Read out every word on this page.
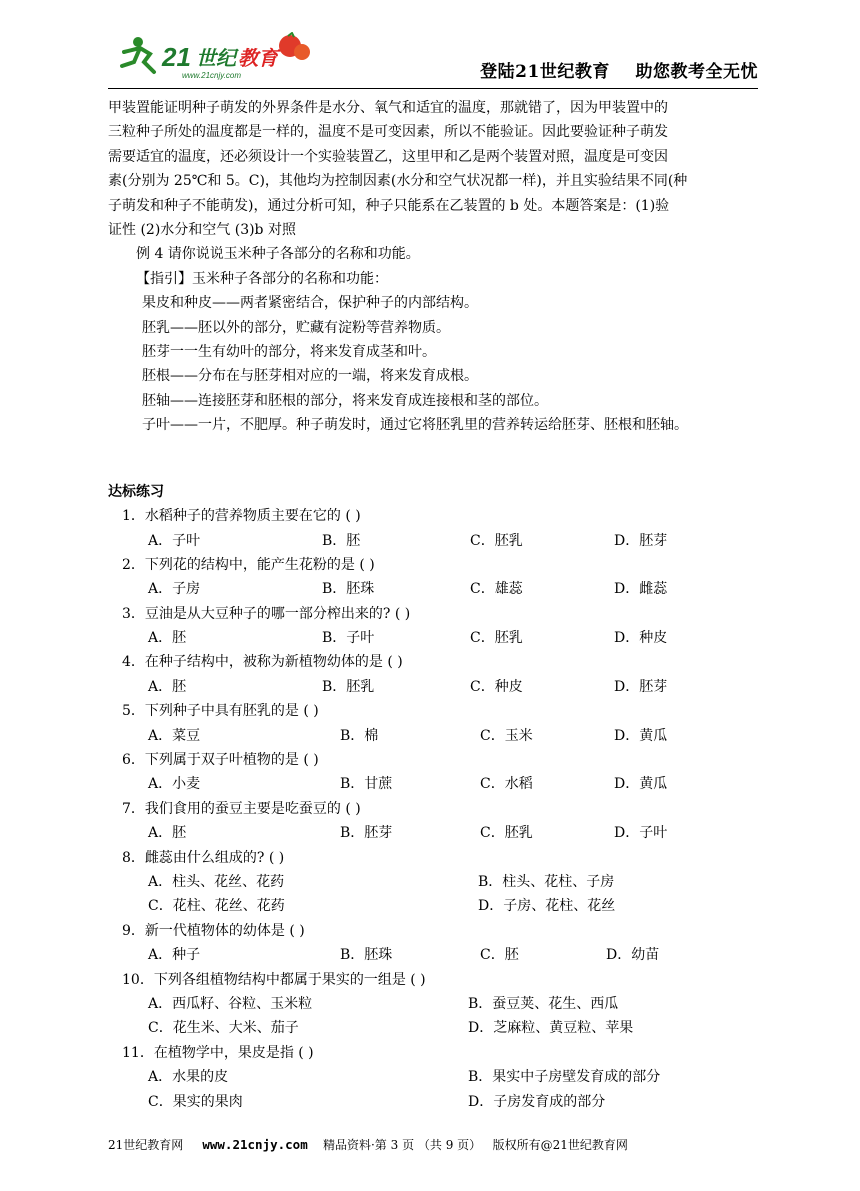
21 世纪 教育
www.21cnjy.com	登陆21世纪教育    助您教考全无忧

甲装置能证明种子萌发的外界条件是水分、氧气和适宜的温度，那就错了，因为甲装置中的

三粒种子所处的温度都是一样的，温度不是可变因素，所以不能验证。因此要验证种子萌发

需要适宜的温度，还必须设计一个实验装置乙，这里甲和乙是两个装置对照，温度是可变因

素(分别为 25℃和 5。C)，其他均为控制因素(水分和空气状况都一样)，并且实验结果不同(种

子萌发和种子不能萌发)，通过分析可知，种子只能系在乙装置的 b 处。本题答案是：(1)验

证性 (2)水分和空气 (3)b 对照

例 4 请你说说玉米种子各部分的名称和功能。

【指引】玉米种子各部分的名称和功能：

果皮和种皮——两者紧密结合，保护种子的内部结构。

胚乳——胚以外的部分，贮藏有淀粉等营养物质。

胚芽一一生有幼叶的部分，将来发育成茎和叶。

胚根——分布在与胚芽相对应的一端，将来发育成根。

胚轴——连接胚芽和胚根的部分，将来发育成连接根和茎的部位。

子叶——一片，不肥厚。种子萌发时，通过它将胚乳里的营养转运给胚芽、胚根和胚轴。

达标练习

1．水稻种子的营养物质主要在它的 ( )

A．子叶	B．胚	C．胚乳	D．胚芽

2．下列花的结构中，能产生花粉的是 ( )

A．子房	B．胚珠	C．雄蕊	D．雌蕊

3．豆油是从大豆种子的哪一部分榨出来的? ( )

A．胚	B．子叶	C．胚乳	D．种皮

4．在种子结构中，被称为新植物幼体的是 ( )

A．胚	B．胚乳	C．种皮	D．胚芽

5．下列种子中具有胚乳的是 ( )

A．菜豆	B．棉	C．玉米	D．黄瓜

6．下列属于双子叶植物的是 ( )

A．小麦	B．甘蔗	C．水稻	D．黄瓜

7．我们食用的蚕豆主要是吃蚕豆的 ( )

A．胚	B．胚芽	C．胚乳	D．子叶

8．雌蕊由什么组成的? ( )

A．柱头、花丝、花药	B．柱头、花柱、子房
C．花柱、花丝、花药	D．子房、花柱、花丝

9．新一代植物体的幼体是 ( )

A．种子	B．胚珠	C．胚	D．幼苗

10．下列各组植物结构中都属于果实的一组是 ( )

A．西瓜籽、谷粒、玉米粒	B．蚕豆荚、花生、西瓜
C．花生米、大米、茄子	D．芝麻粒、黄豆粒、苹果

11．在植物学中，果皮是指 ( )

A．水果的皮	B．果实中子房壁发育成的部分
C．果实的果肉	D．子房发育成的部分
21世纪教育网 www.21cnjy.com 精品资料·第 3 页 （共 9 页） 版权所有@21世纪教育网
